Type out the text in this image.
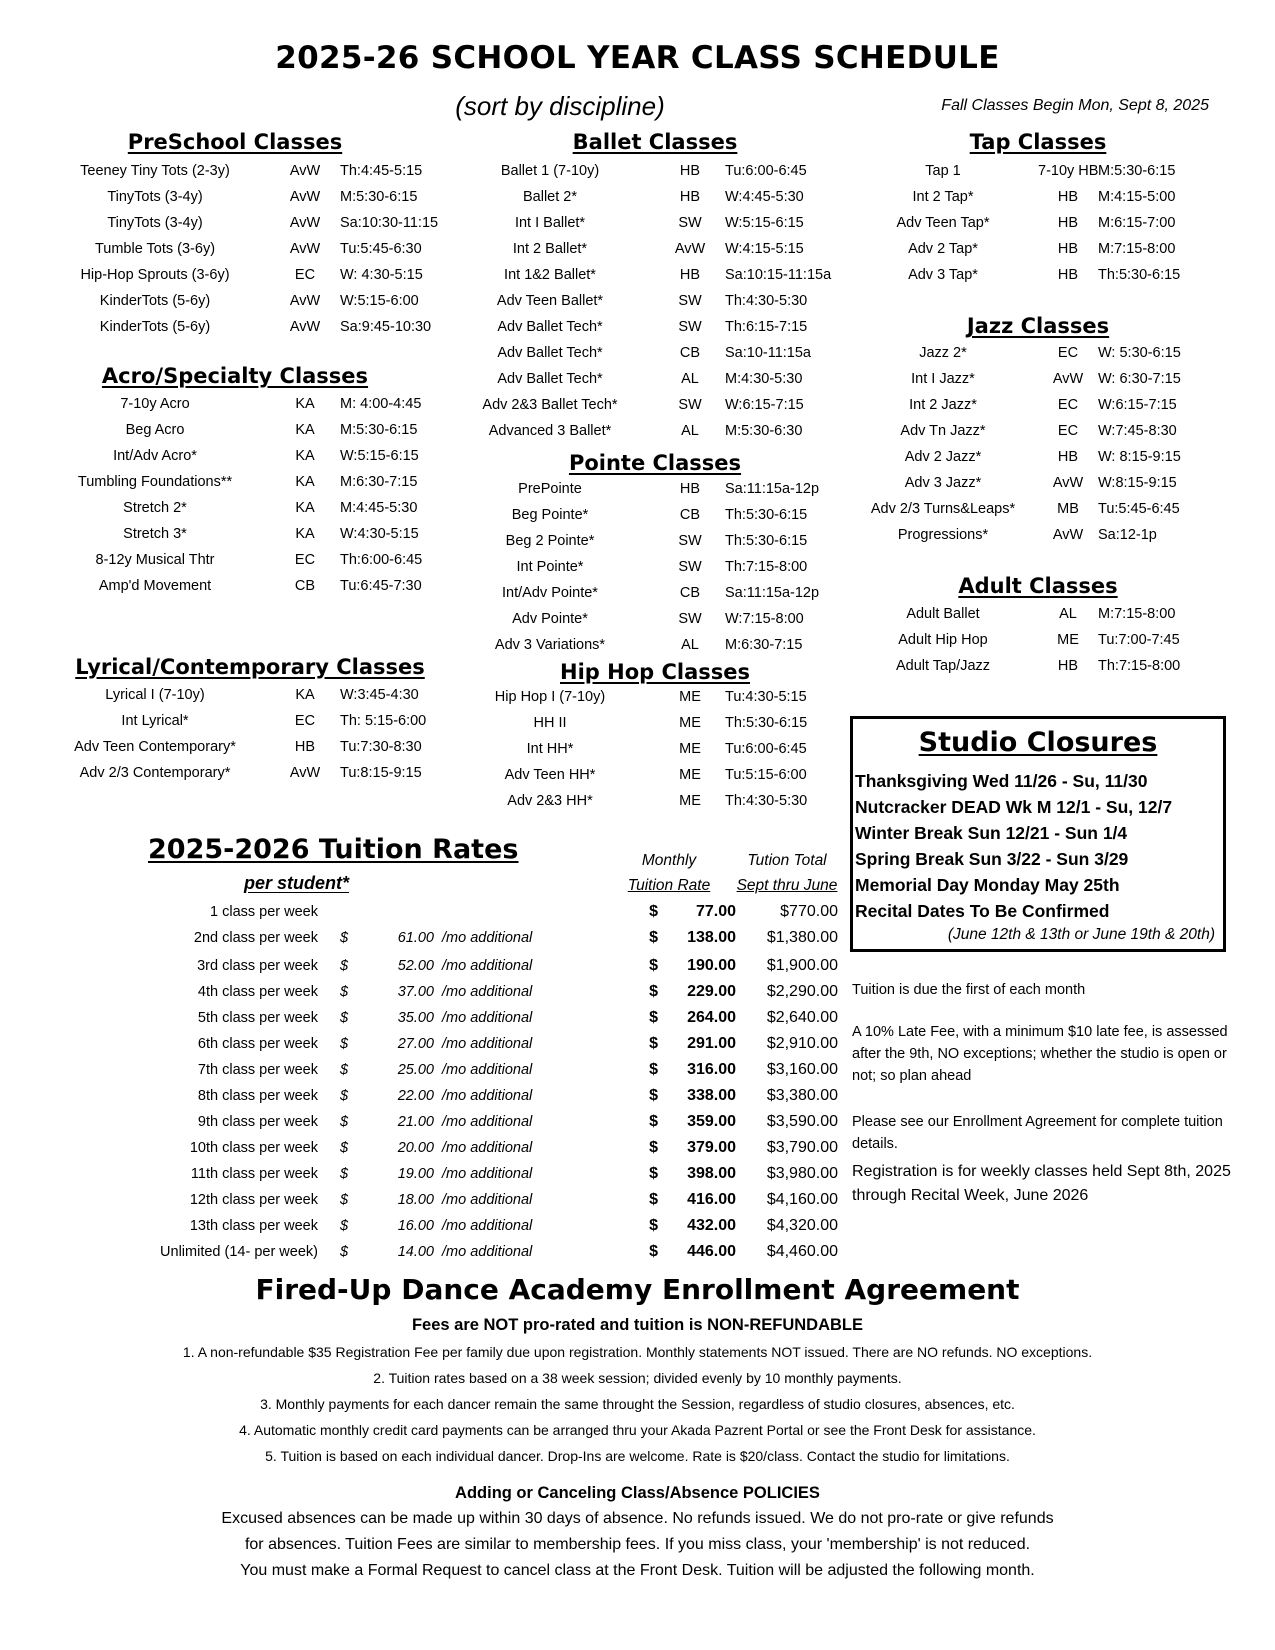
2025-26 SCHOOL YEAR CLASS SCHEDULE
(sort by discipline)	Fall Classes Begin Mon, Sept 8, 2025
PreSchool Classes
Teeney Tiny Tots (2-3y)	AvW	Th:4:45-5:15
TinyTots (3-4y)	AvW	M:5:30-6:15
TinyTots (3-4y)	AvW	Sa:10:30-11:15
Tumble Tots (3-6y)	AvW	Tu:5:45-6:30
Hip-Hop Sprouts (3-6y)	EC	W: 4:30-5:15
KinderTots (5-6y)	AvW	W:5:15-6:00
KinderTots (5-6y)	AvW	Sa:9:45-10:30
Acro/Specialty Classes
7-10y Acro	KA	M: 4:00-4:45
Beg Acro	KA	M:5:30-6:15
Int/Adv Acro*	KA	W:5:15-6:15
Tumbling Foundations**	KA	M:6:30-7:15
Stretch 2*	KA	M:4:45-5:30
Stretch 3*	KA	W:4:30-5:15
8-12y Musical Thtr	EC	Th:6:00-6:45
Amp'd Movement	CB	Tu:6:45-7:30
Lyrical/Contemporary Classes
Lyrical I (7-10y)	KA	W:3:45-4:30
Int Lyrical*	EC	Th: 5:15-6:00
Adv Teen Contemporary*	HB	Tu:7:30-8:30
Adv 2/3 Contemporary*	AvW	Tu:8:15-9:15
Ballet Classes
Ballet 1 (7-10y)	HB	Tu:6:00-6:45
Ballet 2*	HB	W:4:45-5:30
Int I Ballet*	SW	W:5:15-6:15
Int 2 Ballet*	AvW	W:4:15-5:15
Int 1&2 Ballet*	HB	Sa:10:15-11:15a
Adv Teen Ballet*	SW	Th:4:30-5:30
Adv Ballet Tech*	SW	Th:6:15-7:15
Adv Ballet Tech*	CB	Sa:10-11:15a
Adv Ballet Tech*	AL	M:4:30-5:30
Adv 2&3 Ballet Tech*	SW	W:6:15-7:15
Advanced 3 Ballet*	AL	M:5:30-6:30
Pointe Classes
PrePointe	HB	Sa:11:15a-12p
Beg Pointe*	CB	Th:5:30-6:15
Beg 2 Pointe*	SW	Th:5:30-6:15
Int Pointe*	SW	Th:7:15-8:00
Int/Adv Pointe*	CB	Sa:11:15a-12p
Adv Pointe*	SW	W:7:15-8:00
Adv 3 Variations*	AL	M:6:30-7:15
Hip Hop Classes
Hip Hop I (7-10y)	ME	Tu:4:30-5:15
HH II	ME	Th:5:30-6:15
Int HH*	ME	Tu:6:00-6:45
Adv Teen HH*	ME	Tu:5:15-6:00
Adv 2&3 HH*	ME	Th:4:30-5:30
Tap Classes
Tap 1	7-10y HB M:5:30-6:15
Int 2 Tap*	HB	M:4:15-5:00
Adv Teen Tap*	HB	M:6:15-7:00
Adv 2 Tap*	HB	M:7:15-8:00
Adv 3 Tap*	HB	Th:5:30-6:15
Jazz Classes
Jazz 2*	EC	W: 5:30-6:15
Int I Jazz*	AvW	W: 6:30-7:15
Int 2 Jazz*	EC	W:6:15-7:15
Adv Tn Jazz*	EC	W:7:45-8:30
Adv 2 Jazz*	HB	W: 8:15-9:15
Adv 3 Jazz*	AvW	W:8:15-9:15
Adv 2/3 Turns&Leaps*	MB	Tu:5:45-6:45
Progressions*	AvW	Sa:12-1p
Adult Classes
Adult Ballet	AL	M:7:15-8:00
Adult Hip Hop	ME	Tu:7:00-7:45
Adult Tap/Jazz	HB	Th:7:15-8:00
Studio Closures
Thanksgiving Wed 11/26 - Su, 11/30
Nutcracker DEAD Wk M 12/1 - Su, 12/7
Winter Break Sun 12/21 - Sun 1/4
Spring Break Sun 3/22 - Sun 3/29
Memorial Day Monday May 25th
Recital Dates To Be Confirmed
(June 12th & 13th or June 19th & 20th)
2025-2026 Tuition Rates
per student*
Monthly
Tuition Rate
Tution Total
Sept thru June
1 class per week	$	77.00	$770.00
2nd class per week	$	61.00 /mo additional	$	138.00	$1,380.00
3rd class per week	$	52.00 /mo additional	$	190.00	$1,900.00
4th class per week	$	37.00 /mo additional	$	229.00	$2,290.00
5th class per week	$	35.00 /mo additional	$	264.00	$2,640.00
6th class per week	$	27.00 /mo additional	$	291.00	$2,910.00
7th class per week	$	25.00 /mo additional	$	316.00	$3,160.00
8th class per week	$	22.00 /mo additional	$	338.00	$3,380.00
9th class per week	$	21.00 /mo additional	$	359.00	$3,590.00
10th class per week	$	20.00 /mo additional	$	379.00	$3,790.00
11th class per week	$	19.00 /mo additional	$	398.00	$3,980.00
12th class per week	$	18.00 /mo additional	$	416.00	$4,160.00
13th class per week	$	16.00 /mo additional	$	432.00	$4,320.00
Unlimited (14- per week)	$	14.00 /mo additional	$	446.00	$4,460.00
Tuition is due the first of each month
A 10% Late Fee, with a minimum $10 late fee, is assessed after the 9th, NO exceptions; whether the studio is open or not; so plan ahead
Please see our Enrollment Agreement for complete tuition details.
Registration is for weekly classes held Sept 8th, 2025 through Recital Week, June 2026
Fired-Up Dance Academy Enrollment Agreement
Fees are NOT pro-rated and tuition is NON-REFUNDABLE
1. A non-refundable $35 Registration Fee per family due upon registration. Monthly statements NOT issued. There are NO refunds. NO exceptions.
2. Tuition rates based on a 38 week session; divided evenly by 10 monthly payments.
3. Monthly payments for each dancer remain the same throught the Session, regardless of studio closures, absences, etc.
4. Automatic monthly credit card payments can be arranged thru your Akada Pazrent Portal or see the Front Desk for assistance.
5. Tuition is based on each individual dancer. Drop-Ins are welcome. Rate is $20/class. Contact the studio for limitations.
Adding or Canceling Class/Absence POLICIES
Excused absences can be made up within 30 days of absence. No refunds issued. We do not pro-rate or give refunds
for absences. Tuition Fees are similar to membership fees. If you miss class, your 'membership' is not reduced.
You must make a Formal Request to cancel class at the Front Desk. Tuition will be adjusted the following month.
